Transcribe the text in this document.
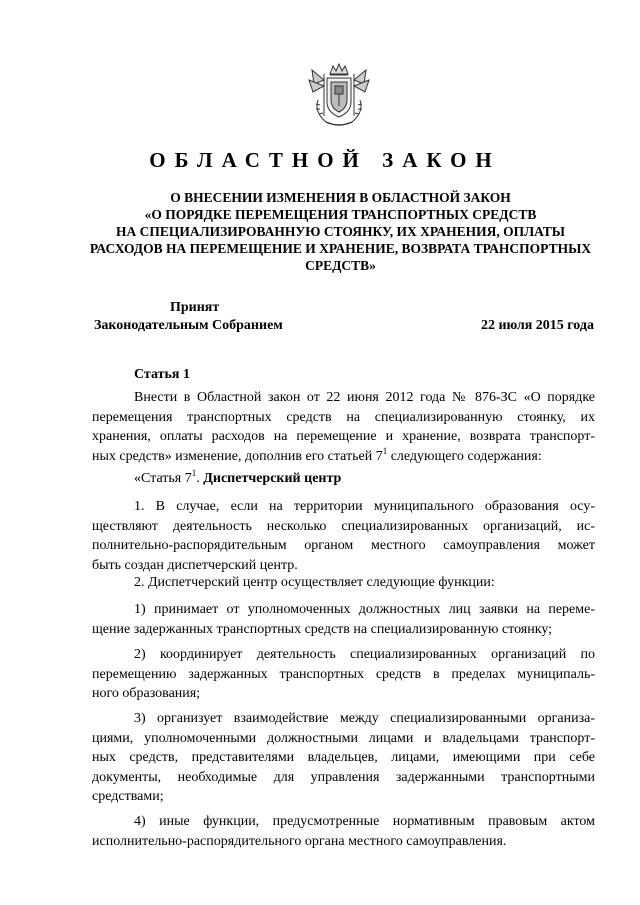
ОБЛАСТНОЙ ЗАКОН
О ВНЕСЕНИИ ИЗМЕНЕНИЯ В ОБЛАСТНОЙ ЗАКОН
«О ПОРЯДКЕ ПЕРЕМЕЩЕНИЯ ТРАНСПОРТНЫХ СРЕДСТВ
НА СПЕЦИАЛИЗИРОВАННУЮ СТОЯНКУ, ИХ ХРАНЕНИЯ, ОПЛАТЫ
РАСХОДОВ НА ПЕРЕМЕЩЕНИЕ И ХРАНЕНИЕ, ВОЗВРАТА ТРАНСПОРТНЫХ
СРЕДСТВ»
Принят
Законодательным Собранием	22 июля 2015 года
Статья 1
Внести в Областной закон от 22 июня 2012 года № 876-ЗС «О порядке
перемещения транспортных средств на специализированную стоянку, их
хранения, оплаты расходов на перемещение и хранение, возврата транспорт-
ных средств» изменение, дополнив его статьей $7^1$ следующего содержания:
«Статья $7^1$. Диспетчерский центр
1. В случае, если на территории муниципального образования осу-
ществляют деятельность несколько специализированных организаций, ис-
полнительно-распорядительным органом местного самоуправления может
быть создан диспетчерский центр.
2. Диспетчерский центр осуществляет следующие функции:
1) принимает от уполномоченных должностных лиц заявки на переме-
щение задержанных транспортных средств на специализированную стоянку;
2) координирует деятельность специализированных организаций по
перемещению задержанных транспортных средств в пределах муниципаль-
ного образования;
3) организует взаимодействие между специализированными организа-
циями, уполномоченными должностными лицами и владельцами транспорт-
ных средств, представителями владельцев, лицами, имеющими при себе
документы, необходимые для управления задержанными транспортными
средствами;
4) иные функции, предусмотренные нормативным правовым актом
исполнительно-распорядительного органа местного самоуправления.
